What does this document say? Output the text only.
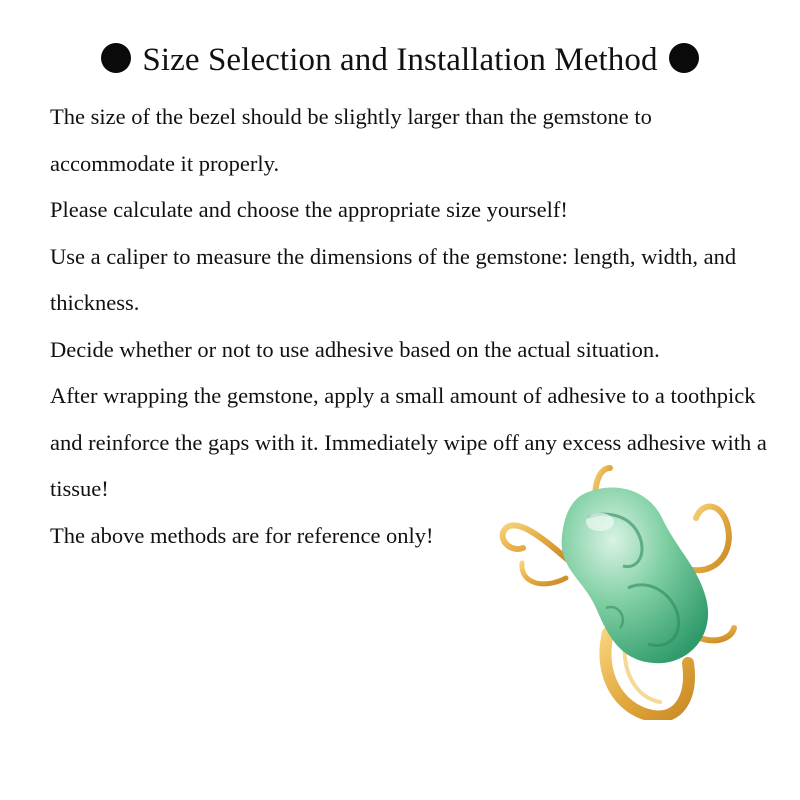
Size Selection and Installation Method

The size of the bezel should be slightly larger than the gemstone to accommodate it properly.

Please calculate and choose the appropriate size yourself!

Use a caliper to measure the dimensions of the gemstone: length, width, and thickness.

Decide whether or not to use adhesive based on the actual situation.

After wrapping the gemstone, apply a small amount of adhesive to a toothpick and reinforce the gaps with it. Immediately wipe off any excess adhesive with a tissue!

The above methods are for reference only!
